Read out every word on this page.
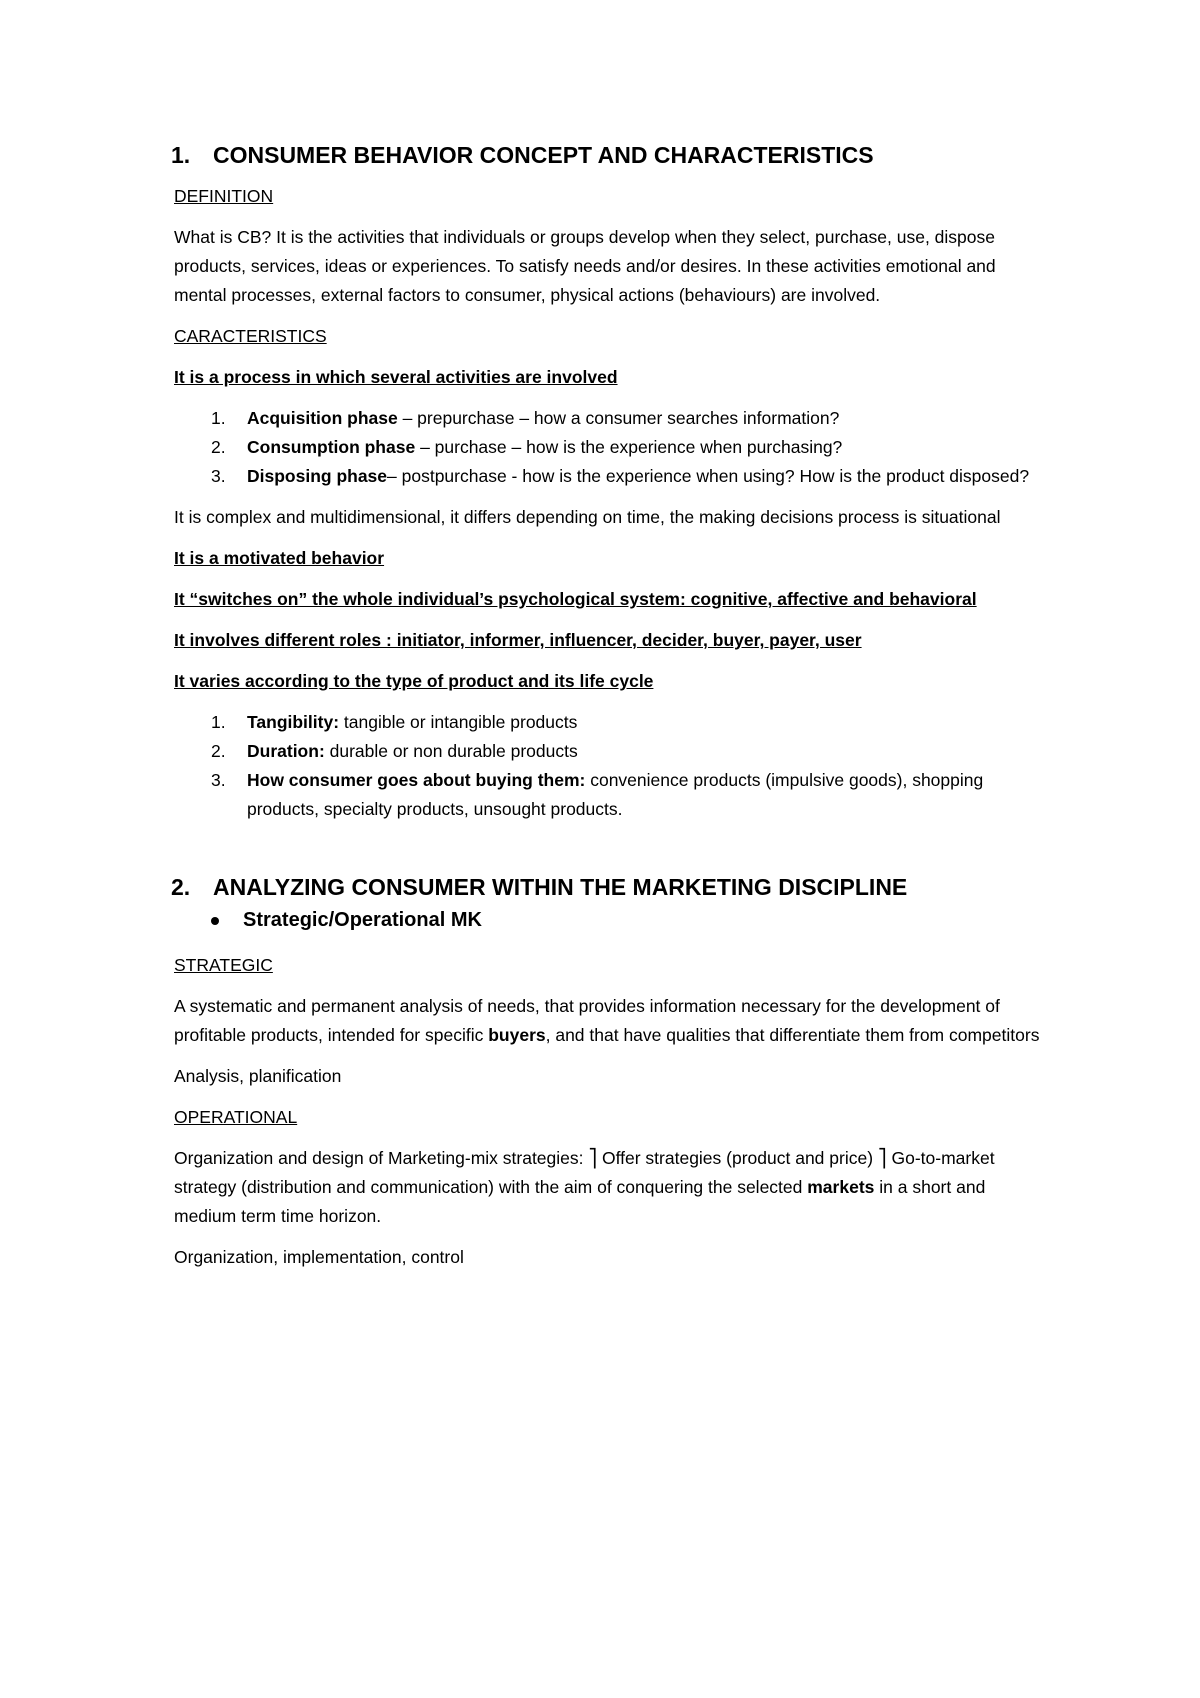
1. CONSUMER BEHAVIOR CONCEPT AND CHARACTERISTICS
DEFINITION
What is CB? It is the activities that individuals or groups develop when they select, purchase, use, dispose products, services, ideas or experiences. To satisfy needs and/or desires. In these activities emotional and mental processes, external factors to consumer, physical actions (behaviours) are involved.
CARACTERISTICS
It is a process in which several activities are involved
1.	Acquisition phase – prepurchase – how a consumer searches information?
2.	Consumption phase – purchase – how is the experience when purchasing?
3.	Disposing phase– postpurchase - how is the experience when using? How is the product disposed?
It is complex and multidimensional, it differs depending on time, the making decisions process is situational
It is a motivated behavior
It “switches on” the whole individual’s psychological system: cognitive, affective and behavioral
It involves different roles : initiator, informer, influencer, decider, buyer, payer, user
It varies according to the type of product and its life cycle
1.	Tangibility: tangible or intangible products
2.	Duration: durable or non durable products
3.	How consumer goes about buying them: convenience products (impulsive goods), shopping products, specialty products, unsought products.
2. ANALYZING CONSUMER WITHIN THE MARKETING DISCIPLINE
Strategic/Operational MK
STRATEGIC
A systematic and permanent analysis of needs, that provides information necessary for the development of profitable products, intended for specific buyers, and that have qualities that differentiate them from competitors
Analysis, planification
OPERATIONAL
Organization and design of Marketing-mix strategies: ⎤ Offer strategies (product and price) ⎤ Go-to-market strategy (distribution and communication) with the aim of conquering the selected markets in a short and medium term time horizon.
Organization, implementation, control
